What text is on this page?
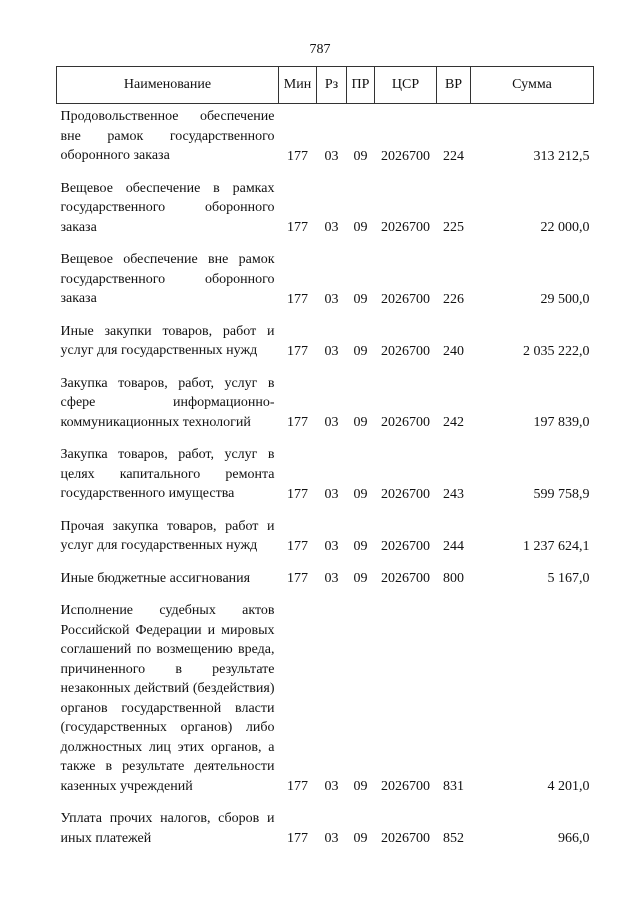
787
Наименование	Мин	Рз	ПР	ЦСР	ВР	Сумма
Продовольственное обеспечение вне рамок государственного оборонного заказа	177	03	09	2026700	224	313 212,5

Вещевое обеспечение в рамках государственного оборонного заказа	177	03	09	2026700	225	22 000,0

Вещевое обеспечение вне рамок государственного оборонного заказа	177	03	09	2026700	226	29 500,0

Иные закупки товаров, работ и услуг для государственных нужд	177	03	09	2026700	240	2 035 222,0

Закупка товаров, работ, услуг в сфере информационно-коммуникационных технологий	177	03	09	2026700	242	197 839,0

Закупка товаров, работ, услуг в целях капитального ремонта государственного имущества	177	03	09	2026700	243	599 758,9

Прочая закупка товаров, работ и услуг для государственных нужд	177	03	09	2026700	244	1 237 624,1

Иные бюджетные ассигнования	177	03	09	2026700	800	5 167,0

Исполнение судебных актов Российской Федерации и мировых соглашений по возмещению вреда, причиненного в результате незаконных действий (бездействия) органов государственной власти (государственных органов) либо должностных лиц этих органов, а также в результате деятельности казенных учреждений	177	03	09	2026700	831	4 201,0

Уплата прочих налогов, сборов и иных платежей	177	03	09	2026700	852	966,0
